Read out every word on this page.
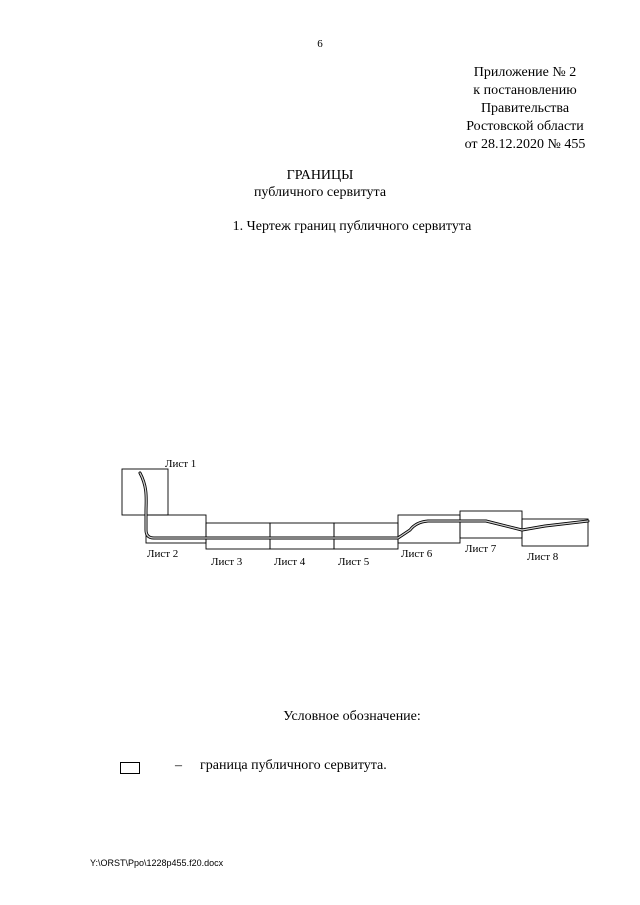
6
Приложение № 2
к постановлению
Правительства
Ростовской области
от 28.12.2020 № 455
ГРАНИЦЫ
публичного сервитута
1. Чертеж границ публичного сервитута
Лист 1
Лист 2
Лист 3	Лист 4	Лист 5
Лист 6	Лист 7
Лист 8
Условное обозначение:
– граница публичного сервитута.
Y:\ORST\Ppo\1228p455.f20.docx
